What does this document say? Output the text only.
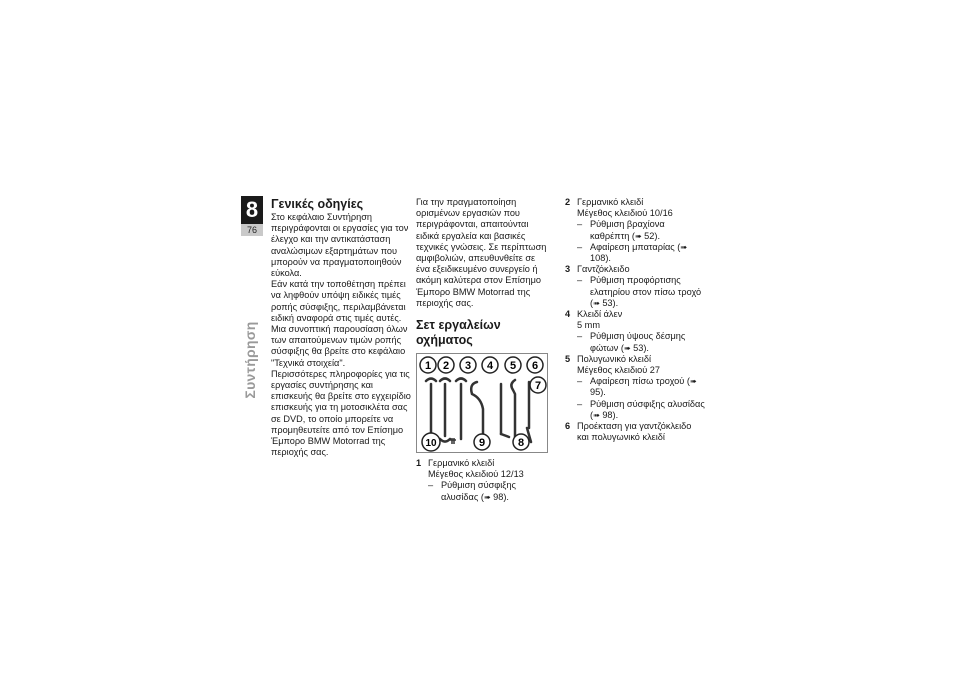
8
76
Συντήρηση
Γενικές οδηγίες

Στο κεφάλαιο Συντήρηση περιγράφονται οι εργασίες για τον έλεγχο και την αντικατάσταση αναλώσιμων εξαρτημάτων που μπορούν να πραγματοποιηθούν εύκολα.

Εάν κατά την τοποθέτηση πρέπει να ληφθούν υπόψη ειδικές τιμές ροπής σύσφιξης, περιλαμβάνεται ειδική αναφορά στις τιμές αυτές. Μια συνοπτική παρουσίαση όλων των απαιτούμενων τιμών ροπής σύσφιξης θα βρείτε στο κεφάλαιο "Τεχνικά στοιχεία".

Περισσότερες πληροφορίες για τις εργασίες συντήρησης και επισκευής θα βρείτε στο εγχειρίδιο επισκευής για τη μοτοσικλέτα σας σε DVD, το οποίο μπορείτε να προμηθευτείτε από τον Επίσημο Έμπορο BMW Motorrad της περιοχής σας.

Για την πραγματοποίηση ορισμένων εργασιών που περιγράφονται, απαιτούνται ειδικά εργαλεία και βασικές τεχνικές γνώσεις. Σε περίπτωση αμφιβολιών, απευθυνθείτε σε ένα εξειδικευμένο συνεργείο ή ακόμη καλύτερα στον Επίσημο Έμπορο BMW Motorrad της περιοχής σας.

Σετ εργαλείων οχήματος
1 2 3 4 5 6
7
8
9
10
1 Γερμανικό κλειδί
Μέγεθος κλειδιού 12/13
– Ρύθμιση σύσφιξης αλυσίδας (➠ 98).
2 Γερμανικό κλειδί
Μέγεθος κλειδιού 10/16
– Ρύθμιση βραχίονα καθρέπτη (➠ 52).
– Αφαίρεση μπαταρίας (➠ 108).
3 Γαντζόκλειδο
– Ρύθμιση προφόρτισης ελατηρίου στον πίσω τροχό (➠ 53).
4 Κλειδί άλεν
5 mm
– Ρύθμιση ύψους δέσμης φώτων (➠ 53).
5 Πολυγωνικό κλειδί
Μέγεθος κλειδιού 27
– Αφαίρεση πίσω τροχού (➠ 95).
– Ρύθμιση σύσφιξης αλυσίδας (➠ 98).
6 Προέκταση για γαντζόκλειδο και πολυγωνικό κλειδί
